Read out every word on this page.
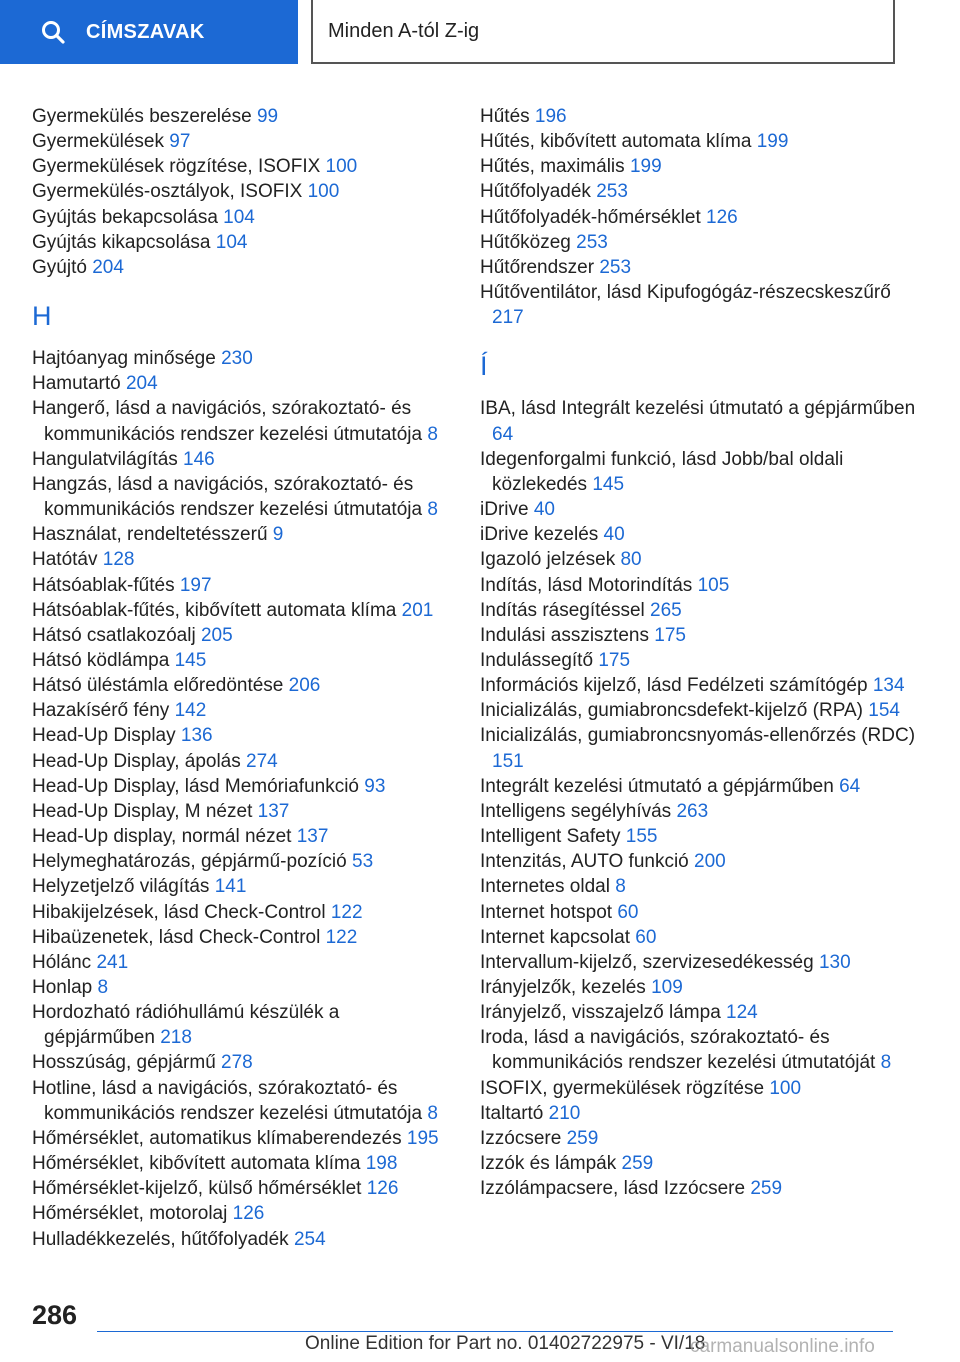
CÍMSZAVAK	Minden A-tól Z-ig
Gyermekülés beszerelése 99
Gyermekülések 97
Gyermekülések rögzítése, ISOFIX 100
Gyermekülés-osztályok, ISOFIX 100
Gyújtás bekapcsolása 104
Gyújtás kikapcsolása 104
Gyújtó 204
H
Hajtóanyag minősége 230
Hamutartó 204
Hangerő, lásd a navigációs, szórakoztató- és kommunikációs rendszer kezelési útmutatója 8
Hangulatvilágítás 146
Hangzás, lásd a navigációs, szórakoztató- és kommunikációs rendszer kezelési útmutatója 8
Használat, rendeltetésszerű 9
Hatótáv 128
Hátsóablak-fűtés 197
Hátsóablak-fűtés, kibővített automata klíma 201
Hátsó csatlakozóalj 205
Hátsó ködlámpa 145
Hátsó üléstámla előredöntése 206
Hazakísérő fény 142
Head-Up Display 136
Head-Up Display, ápolás 274
Head-Up Display, lásd Memóriafunkció 93
Head-Up Display, M nézet 137
Head-Up display, normál nézet 137
Helymeghatározás, gépjármű-pozíció 53
Helyzetjelző világítás 141
Hibakijelzések, lásd Check-Control 122
Hibaüzenetek, lásd Check-Control 122
Hólánc 241
Honlap 8
Hordozható rádióhullámú készülék a gépjárműben 218
Hosszúság, gépjármű 278
Hotline, lásd a navigációs, szórakoztató- és kommunikációs rendszer kezelési útmutatója 8
Hőmérséklet, automatikus klímaberendezés 195
Hőmérséklet, kibővített automata klíma 198
Hőmérséklet-kijelző, külső hőmérséklet 126
Hőmérséklet, motorolaj 126
Hulladékkezelés, hűtőfolyadék 254
Hűtés 196
Hűtés, kibővített automata klíma 199
Hűtés, maximális 199
Hűtőfolyadék 253
Hűtőfolyadék-hőmérséklet 126
Hűtőközeg 253
Hűtőrendszer 253
Hűtőventilátor, lásd Kipufogógáz-részecskeszűrő 217
Í
IBA, lásd Integrált kezelési útmutató a gépjárműben 64
Idegenforgalmi funkció, lásd Jobb/bal oldali közlekedés 145
iDrive 40
iDrive kezelés 40
Igazoló jelzések 80
Indítás, lásd Motorindítás 105
Indítás rásegítéssel 265
Indulási asszisztens 175
Indulássegítő 175
Információs kijelző, lásd Fedélzeti számítógép 134
Inicializálás, gumiabroncsdefekt-kijelző (RPA) 154
Inicializálás, gumiabroncsnyomás-ellenőrzés (RDC) 151
Integrált kezelési útmutató a gépjárműben 64
Intelligens segélyhívás 263
Intelligent Safety 155
Intenzitás, AUTO funkció 200
Internetes oldal 8
Internet hotspot 60
Internet kapcsolat 60
Intervallum-kijelző, szervizesedékesség 130
Irányjelzők, kezelés 109
Irányjelző, visszajelző lámpa 124
Iroda, lásd a navigációs, szórakoztató- és kommunikációs rendszer kezelési útmutatóját 8
ISOFIX, gyermekülések rögzítése 100
Italtartó 210
Izzócsere 259
Izzók és lámpák 259
Izzólámpacsere, lásd Izzócsere 259
286
Online Edition for Part no. 01402722975 - VI/18
carmanualsonline.info
